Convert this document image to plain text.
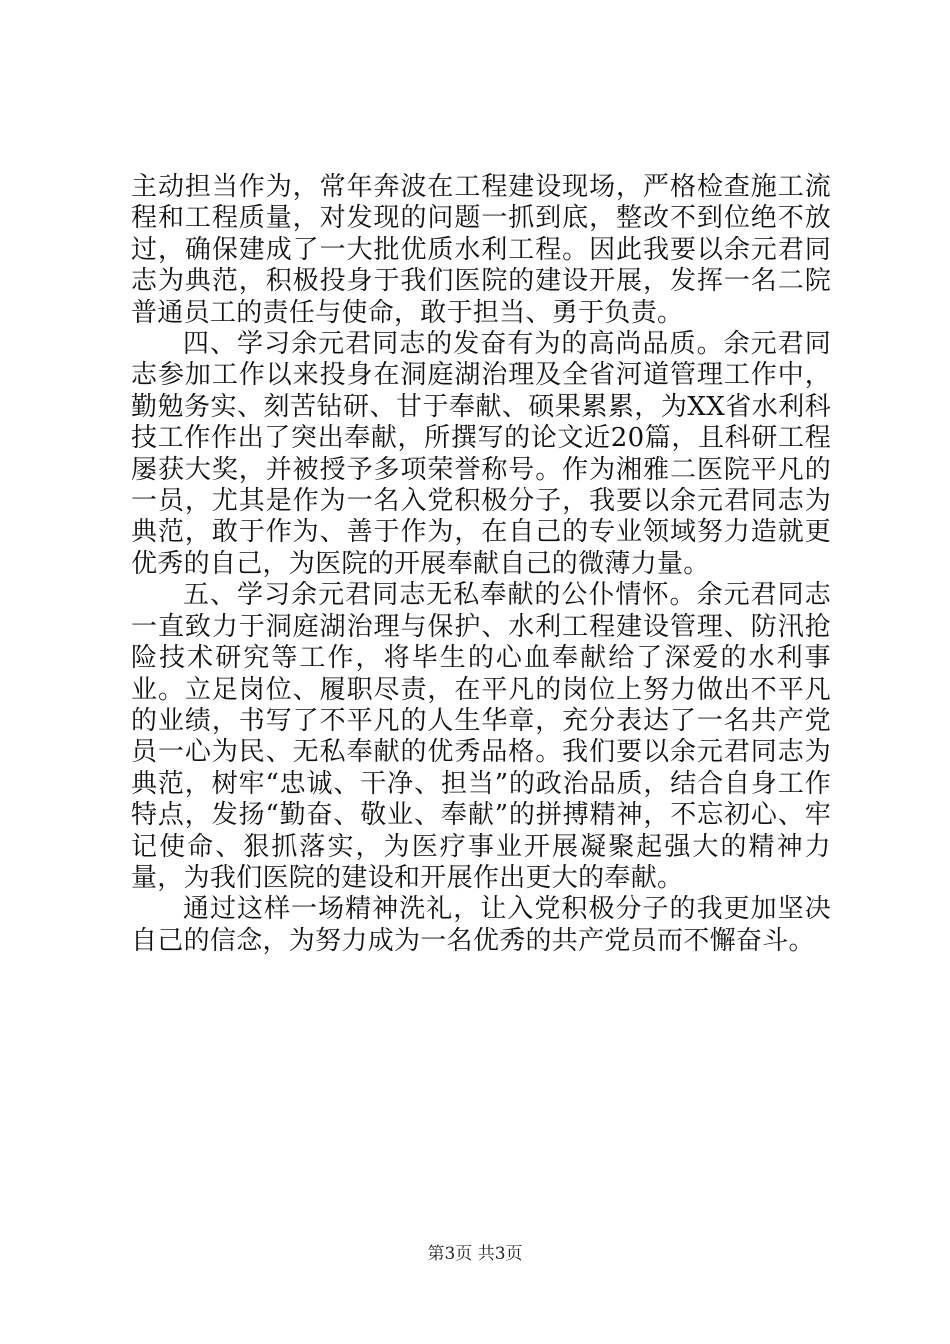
主动担当作为，常年奔波在工程建设现场，严格检查施工流程和工程质量，对发现的问题一抓到底，整改不到位绝不放过，确保建成了一大批优质水利工程。因此我要以余元君同志为典范，积极投身于我们医院的建设开展，发挥一名二院普通员工的责任与使命，敢于担当、勇于负责。

四、学习余元君同志的发奋有为的高尚品质。余元君同志参加工作以来投身在洞庭湖治理及全省河道管理工作中，勤勉务实、刻苦钻研、甘于奉献、硕果累累，为XX省水利科技工作作出了突出奉献，所撰写的论文近20篇，且科研工程屡获大奖，并被授予多项荣誉称号。作为湘雅二医院平凡的一员，尤其是作为一名入党积极分子，我要以余元君同志为典范，敢于作为、善于作为，在自己的专业领域努力造就更优秀的自己，为医院的开展奉献自己的微薄力量。

五、学习余元君同志无私奉献的公仆情怀。余元君同志一直致力于洞庭湖治理与保护、水利工程建设管理、防汛抢险技术研究等工作，将毕生的心血奉献给了深爱的水利事业。立足岗位、履职尽责，在平凡的岗位上努力做出不平凡的业绩，书写了不平凡的人生华章，充分表达了一名共产党员一心为民、无私奉献的优秀品格。我们要以余元君同志为典范，树牢“忠诚、干净、担当”的政治品质，结合自身工作特点，发扬“勤奋、敬业、奉献”的拼搏精神，不忘初心、牢记使命、狠抓落实，为医疗事业开展凝聚起强大的精神力量，为我们医院的建设和开展作出更大的奉献。

通过这样一场精神洗礼，让入党积极分子的我更加坚决自己的信念，为努力成为一名优秀的共产党员而不懈奋斗。

第3页 共3页
